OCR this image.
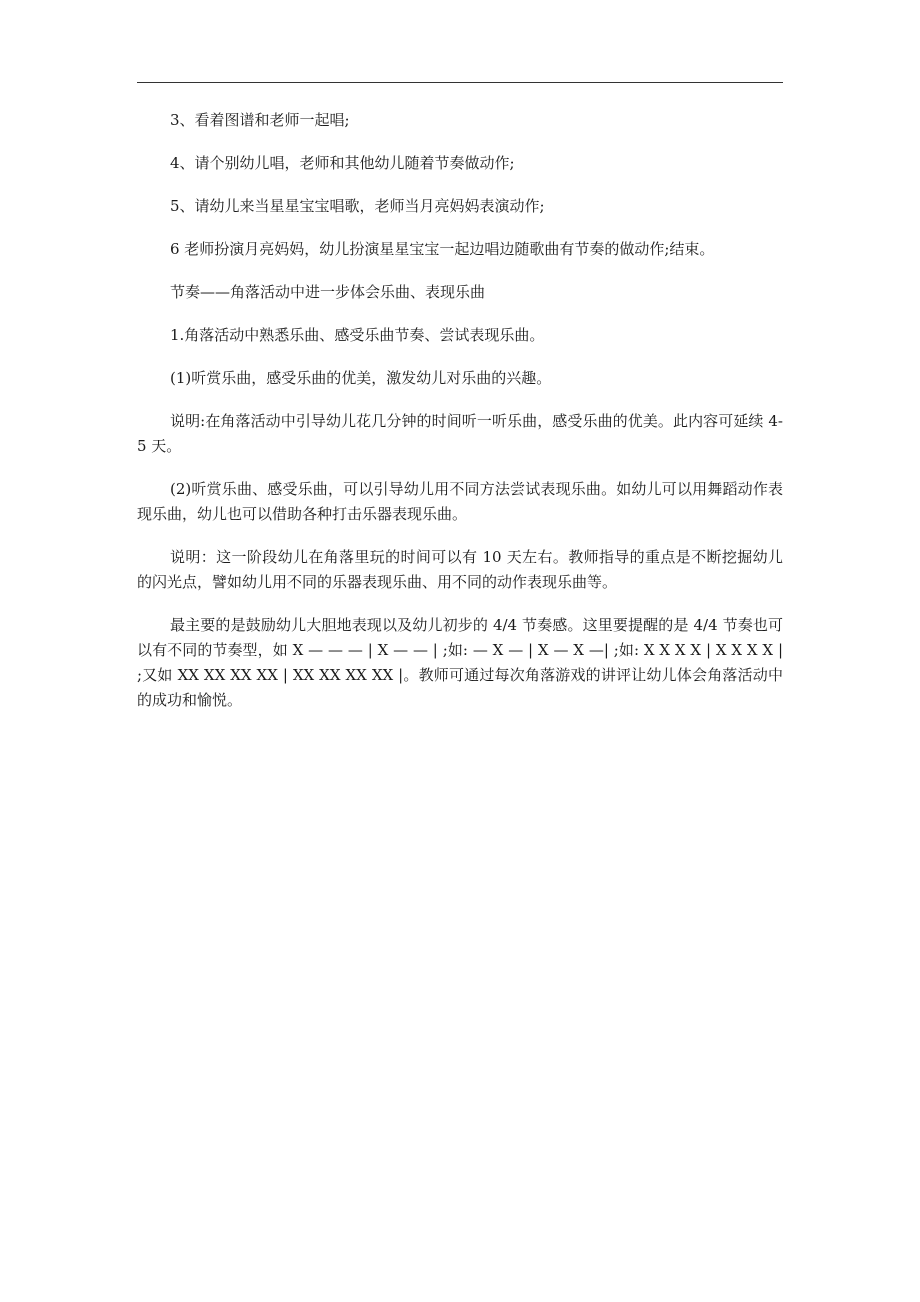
3、看着图谱和老师一起唱;

4、请个别幼儿唱，老师和其他幼儿随着节奏做动作;

5、请幼儿来当星星宝宝唱歌，老师当月亮妈妈表演动作;

6 老师扮演月亮妈妈，幼儿扮演星星宝宝一起边唱边随歌曲有节奏的做动作;结束。

节奏——角落活动中进一步体会乐曲、表现乐曲

1.角落活动中熟悉乐曲、感受乐曲节奏、尝试表现乐曲。

(1)听赏乐曲，感受乐曲的优美，激发幼儿对乐曲的兴趣。

说明:在角落活动中引导幼儿花几分钟的时间听一听乐曲，感受乐曲的优美。此内容可延续 4-5 天。

(2)听赏乐曲、感受乐曲，可以引导幼儿用不同方法尝试表现乐曲。如幼儿可以用舞蹈动作表现乐曲，幼儿也可以借助各种打击乐器表现乐曲。

说明：这一阶段幼儿在角落里玩的时间可以有 10 天左右。教师指导的重点是不断挖掘幼儿的闪光点，譬如幼儿用不同的乐器表现乐曲、用不同的动作表现乐曲等。

最主要的是鼓励幼儿大胆地表现以及幼儿初步的 4/4 节奏感。这里要提醒的是 4/4 节奏也可以有不同的节奏型，如 X — — — | X — — | ;如: — X — | X — X —| ;如: X X X X | X X X X | ;又如 XX XX XX XX | XX XX XX XX |。教师可通过每次角落游戏的讲评让幼儿体会角落活动中的成功和愉悦。
